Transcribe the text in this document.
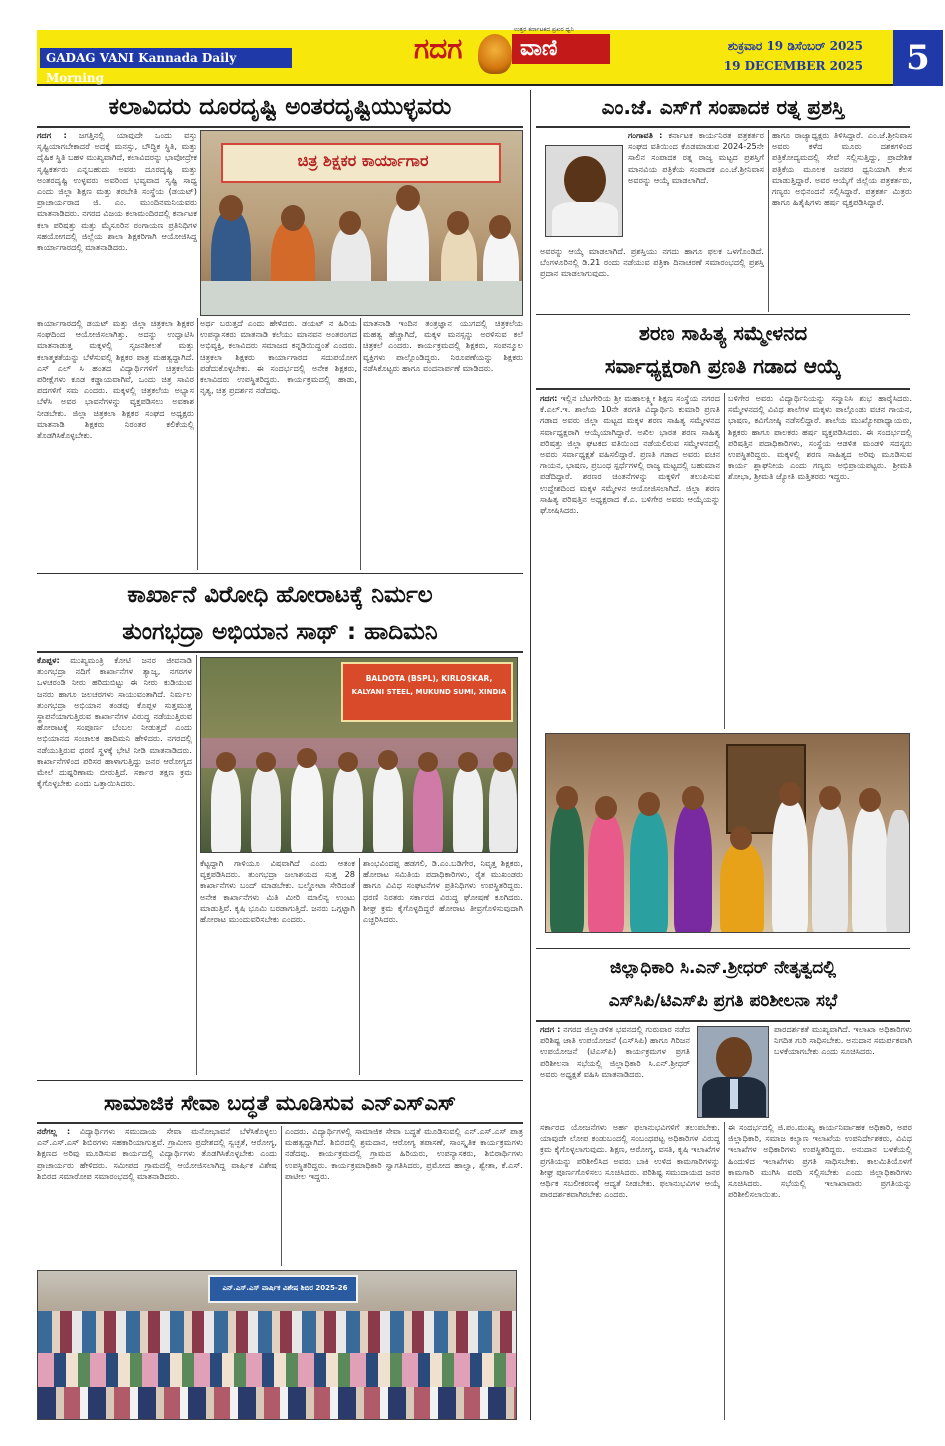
GADAG VANI Kannada Daily Morning
ಗದಗ
ಉತ್ತರ ಕರ್ನಾಟಕದ ಪ್ರಖರ ಧ್ವನಿ
ವಾಣಿ	ಶುಕ್ರವಾರ 19 ಡಿಸೆಂಬರ್ 2025
19 DECEMBER 2025	5
ಕಲಾವಿದರು ದೂರದೃಷ್ಟಿ ಅಂತರದೃಷ್ಟಿಯುಳ್ಳವರು
ಗದಗ : ಜಗತ್ತಿನಲ್ಲಿ ಯಾವುದೇ ಒಂದು ವಸ್ತು ಸೃಷ್ಟಿಯಾಗಬೇಕಾದರೆ ಅದಕ್ಕೆ ಮನಸ್ಸು, ಬೌದ್ಧಿಕ ಸ್ಥಿತಿ, ಮತ್ತು ದೈಹಿಕ ಸ್ಥಿತಿ ಬಹಳ ಮುಖ್ಯವಾಗಿದೆ, ಕಲಾವಿದರನ್ನು ಭಾವೋದ್ರೇಕ ಸೃಷ್ಟಿಕರ್ತರು ಎನ್ನಬಹುದು ಅವರು ದೂರದೃಷ್ಟಿ ಮತ್ತು ಅಂತರದೃಷ್ಟಿ ಉಳ್ಳವರು ಅವರಿಂದ ಭವ್ಯವಾದ ಸೃಷ್ಟಿ ಸಾಧ್ಯ ಎಂದು ಜಿಲ್ಲಾ ಶಿಕ್ಷಣ ಮತ್ತು ತರಬೇತಿ ಸಂಸ್ಥೆಯ (ಡಯಟ್) ಪ್ರಾಚಾರ್ಯರಾದ ಜಿ. ಎಂ. ಮುಂದಿನಮನಿಯವರು ಮಾತನಾಡಿದರು. ನಗರದ ವಿಜಯ ಕಲಾಮಂದಿರದಲ್ಲಿ ಕರ್ನಾಟಕ ಕಲಾ ಪರಿಷತ್ತು ಮತ್ತು ಮೈಸೂರಿನ ರಂಗಾಯಣ ಪ್ರತಿನಿಧಿಗಳ ಸಹಯೋಗದಲ್ಲಿ ಜಿಲ್ಲೆಯ ಶಾಲಾ ಶಿಕ್ಷಕರಿಗಾಗಿ ಆಯೋಜಿಸಿದ್ದ ಕಾರ್ಯಾಗಾರದಲ್ಲಿ ಮಾತನಾಡಿದರು.
ಚಿತ್ರ ಶಿಕ್ಷಕರ ಕಾರ್ಯಾಗಾರ
ಕಾರ್ಯಾಗಾರದಲ್ಲಿ ಡಯಟ್ ಮತ್ತು ಜಿಲ್ಲಾ ಚಿತ್ರಕಲಾ ಶಿಕ್ಷಕರ ಸಂಘದಿಂದ ಆಯೋಜಿಸಲಾಗಿತ್ತು. ಅದನ್ನು ಉದ್ಘಾಟಿಸಿ ಮಾತನಾಡುತ್ತ ಮಕ್ಕಳಲ್ಲಿ ಸೃಜನಶೀಲತೆ ಮತ್ತು ಕಲಾತ್ಮಕತೆಯನ್ನು ಬೆಳೆಸುವಲ್ಲಿ ಶಿಕ್ಷಕರ ಪಾತ್ರ ಮಹತ್ವದ್ದಾಗಿದೆ. ಎಸ್ ಎಲ್ ಸಿ ಹಂತದ ವಿದ್ಯಾರ್ಥಿಗಳಿಗೆ ಚಿತ್ರಕಲೆಯ ಪರೀಕ್ಷೆಗಳು ಕೂಡ ಕಡ್ಡಾಯವಾಗಿವೆ, ಒಂದು ಚಿತ್ರ ಸಾವಿರ ಪದಗಳಿಗೆ ಸಮ ಎಂದರು. ಮಕ್ಕಳಲ್ಲಿ ಚಿತ್ರಕಲೆಯ ಅಭ್ಯಾಸ ಬೆಳೆಸಿ ಅವರ ಭಾವನೆಗಳನ್ನು ವ್ಯಕ್ತಪಡಿಸಲು ಅವಕಾಶ ನೀಡಬೇಕು. ಜಿಲ್ಲಾ ಚಿತ್ರಕಲಾ ಶಿಕ್ಷಕರ ಸಂಘದ ಅಧ್ಯಕ್ಷರು ಮಾತನಾಡಿ ಶಿಕ್ಷಕರು ನಿರಂತರ ಕಲಿಕೆಯಲ್ಲಿ ತೊಡಗಿಸಿಕೊಳ್ಳಬೇಕು.
ಅರ್ಥ ಬರುತ್ತದೆ ಎಂದು ಹೇಳಿದರು. ಡಯಟ್ ನ ಹಿರಿಯ ಉಪನ್ಯಾಸಕರು ಮಾತನಾಡಿ ಕಲೆಯು ಮಾನವನ ಅಂತರಂಗದ ಅಭಿವ್ಯಕ್ತಿ, ಕಲಾವಿದರು ಸಮಾಜದ ಕನ್ನಡಿಯಿದ್ದಂತೆ ಎಂದರು. ಚಿತ್ರಕಲಾ ಶಿಕ್ಷಕರು ಕಾರ್ಯಾಗಾರದ ಸದುಪಯೋಗ ಪಡೆದುಕೊಳ್ಳಬೇಕು. ಈ ಸಂದರ್ಭದಲ್ಲಿ ಅನೇಕ ಶಿಕ್ಷಕರು, ಕಲಾವಿದರು ಉಪಸ್ಥಿತರಿದ್ದರು. ಕಾರ್ಯಕ್ರಮದಲ್ಲಿ ಹಾಡು, ನೃತ್ಯ, ಚಿತ್ರ ಪ್ರದರ್ಶನ ನಡೆದವು.
ಮಾತನಾಡಿ ಇಂದಿನ ತಂತ್ರಜ್ಞಾನ ಯುಗದಲ್ಲಿ ಚಿತ್ರಕಲೆಯ ಮಹತ್ವ ಹೆಚ್ಚಾಗಿದೆ, ಮಕ್ಕಳ ಮನಸ್ಸನ್ನು ಅರಳಿಸುವ ಕಲೆ ಚಿತ್ರಕಲೆ ಎಂದರು. ಕಾರ್ಯಕ್ರಮದಲ್ಲಿ ಶಿಕ್ಷಕರು, ಸಂಪನ್ಮೂಲ ವ್ಯಕ್ತಿಗಳು ಪಾಲ್ಗೊಂಡಿದ್ದರು. ನಿರೂಪಣೆಯನ್ನು ಶಿಕ್ಷಕರು ನಡೆಸಿಕೊಟ್ಟರು ಹಾಗೂ ವಂದನಾರ್ಪಣೆ ಮಾಡಿದರು.
ಎಂ.ಜೆ. ಎಸ್‌ಗೆ ಸಂಪಾದಕ ರತ್ನ ಪ್ರಶಸ್ತಿ
ಗಂಗಾವತಿ : ಕರ್ನಾಟಕ ಕಾರ್ಯನಿರತ ಪತ್ರಕರ್ತರ ಸಂಘದ ವತಿಯಿಂದ ಕೊಡಮಾಡುವ 2024-25ನೇ ಸಾಲಿನ ಸಂಪಾದಕ ರತ್ನ ರಾಜ್ಯ ಮಟ್ಟದ ಪ್ರಶಸ್ತಿಗೆ ಮಾನವಿಯ ಪತ್ರಿಕೆಯ ಸಂಪಾದಕ ಎಂ.ಜೆ.ಶ್ರೀನಿವಾಸ ಅವರನ್ನು ಆಯ್ಕೆ ಮಾಡಲಾಗಿದೆ.
ಅವರನ್ನು ಆಯ್ಕೆ ಮಾಡಲಾಗಿದೆ. ಪ್ರಶಸ್ತಿಯು ನಗದು ಹಾಗೂ ಫಲಕ ಒಳಗೊಂಡಿದೆ. ಬೆಂಗಳೂರಿನಲ್ಲಿ ಡಿ.21 ರಂದು ನಡೆಯುವ ಪತ್ರಿಕಾ ದಿನಾಚರಣೆ ಸಮಾರಂಭದಲ್ಲಿ ಪ್ರಶಸ್ತಿ ಪ್ರದಾನ ಮಾಡಲಾಗುವುದು.
ಹಾಗೂ ರಾಜ್ಯಾಧ್ಯಕ್ಷರು ತಿಳಿಸಿದ್ದಾರೆ. ಎಂ.ಜೆ.ಶ್ರೀನಿವಾಸ ಅವರು ಕಳೆದ ಮೂರು ದಶಕಗಳಿಂದ ಪತ್ರಿಕೋದ್ಯಮದಲ್ಲಿ ಸೇವೆ ಸಲ್ಲಿಸುತ್ತಿದ್ದು, ಪ್ರಾದೇಶಿಕ ಪತ್ರಿಕೆಯ ಮೂಲಕ ಜನಪರ ಧ್ವನಿಯಾಗಿ ಕೆಲಸ ಮಾಡುತ್ತಿದ್ದಾರೆ. ಅವರ ಆಯ್ಕೆಗೆ ಜಿಲ್ಲೆಯ ಪತ್ರಕರ್ತರು, ಗಣ್ಯರು ಅಭಿನಂದನೆ ಸಲ್ಲಿಸಿದ್ದಾರೆ. ಪತ್ರಕರ್ತ ಮಿತ್ರರು ಹಾಗೂ ಹಿತೈಷಿಗಳು ಹರ್ಷ ವ್ಯಕ್ತಪಡಿಸಿದ್ದಾರೆ.
ಶರಣ ಸಾಹಿತ್ಯ ಸಮ್ಮೇಳನದ
ಸರ್ವಾಧ್ಯಕ್ಷರಾಗಿ ಪ್ರಣತಿ ಗಡಾದ ಆಯ್ಕೆ
ಗದಗ: ಇಲ್ಲಿನ ಬೆಟಗೇರಿಯ ಶ್ರೀ ಮಹಾಲಕ್ಷ್ಮೀ ಶಿಕ್ಷಣ ಸಂಸ್ಥೆಯ ನಗರದ ಕೆ.ಎಲ್.ಇ. ಶಾಲೆಯ 10ನೇ ತರಗತಿ ವಿದ್ಯಾರ್ಥಿನಿ ಕುಮಾರಿ ಪ್ರಣತಿ ಗಡಾದ ಅವರು ಜಿಲ್ಲಾ ಮಟ್ಟದ ಮಕ್ಕಳ ಶರಣ ಸಾಹಿತ್ಯ ಸಮ್ಮೇಳನದ ಸರ್ವಾಧ್ಯಕ್ಷರಾಗಿ ಆಯ್ಕೆಯಾಗಿದ್ದಾರೆ. ಅಖಿಲ ಭಾರತ ಶರಣ ಸಾಹಿತ್ಯ ಪರಿಷತ್ತು ಜಿಲ್ಲಾ ಘಟಕದ ವತಿಯಿಂದ ನಡೆಯಲಿರುವ ಸಮ್ಮೇಳನದಲ್ಲಿ ಅವರು ಸರ್ವಾಧ್ಯಕ್ಷತೆ ವಹಿಸಲಿದ್ದಾರೆ. ಪ್ರಣತಿ ಗಡಾದ ಅವರು ವಚನ ಗಾಯನ, ಭಾಷಣ, ಪ್ರಬಂಧ ಸ್ಪರ್ಧೆಗಳಲ್ಲಿ ರಾಜ್ಯ ಮಟ್ಟದಲ್ಲಿ ಬಹುಮಾನ ಪಡೆದಿದ್ದಾರೆ. ಶರಣರ ಚಿಂತನೆಗಳನ್ನು ಮಕ್ಕಳಿಗೆ ತಲುಪಿಸುವ ಉದ್ದೇಶದಿಂದ ಮಕ್ಕಳ ಸಮ್ಮೇಳನ ಆಯೋಜಿಸಲಾಗಿದೆ. ಜಿಲ್ಲಾ ಶರಣ ಸಾಹಿತ್ಯ ಪರಿಷತ್ತಿನ ಅಧ್ಯಕ್ಷರಾದ ಕೆ.ಎ. ಬಳಿಗೇರ ಅವರು ಆಯ್ಕೆಯನ್ನು ಘೋಷಿಸಿದರು.
ಬಳಿಗೇರ ಅವರು ವಿದ್ಯಾರ್ಥಿನಿಯನ್ನು ಸನ್ಮಾನಿಸಿ ಶುಭ ಹಾರೈಸಿದರು. ಸಮ್ಮೇಳನದಲ್ಲಿ ವಿವಿಧ ಶಾಲೆಗಳ ಮಕ್ಕಳು ಪಾಲ್ಗೊಂಡು ವಚನ ಗಾಯನ, ಭಾಷಣ, ಕವಿಗೋಷ್ಠಿ ನಡೆಸಲಿದ್ದಾರೆ. ಶಾಲೆಯ ಮುಖ್ಯೋಪಾಧ್ಯಾಯರು, ಶಿಕ್ಷಕರು ಹಾಗೂ ಪಾಲಕರು ಹರ್ಷ ವ್ಯಕ್ತಪಡಿಸಿದರು. ಈ ಸಂದರ್ಭದಲ್ಲಿ ಪರಿಷತ್ತಿನ ಪದಾಧಿಕಾರಿಗಳು, ಸಂಸ್ಥೆಯ ಆಡಳಿತ ಮಂಡಳಿ ಸದಸ್ಯರು ಉಪಸ್ಥಿತರಿದ್ದರು. ಮಕ್ಕಳಲ್ಲಿ ಶರಣ ಸಾಹಿತ್ಯದ ಅರಿವು ಮೂಡಿಸುವ ಕಾರ್ಯ ಶ್ಲಾಘನೀಯ ಎಂದು ಗಣ್ಯರು ಅಭಿಪ್ರಾಯಪಟ್ಟರು. ಶ್ರೀಮತಿ ಶೋಭಾ, ಶ್ರೀಮತಿ ಜ್ಯೋತಿ ಮತ್ತಿತರರು ಇದ್ದರು.
ಕಾರ್ಖಾನೆ ವಿರೋಧಿ ಹೋರಾಟಕ್ಕೆ ನಿರ್ಮಲ
ತುಂಗಭದ್ರಾ ಅಭಿಯಾನ ಸಾಥ್ : ಹಾದಿಮನಿ
ಕೊಪ್ಪಳ: ಮುಖ್ಯಮಂತ್ರಿ ಕೋಟಿ ಜನರ ಜೀವನಾಡಿ ತುಂಗಭದ್ರಾ ನದಿಗೆ ಕಾರ್ಖಾನೆಗಳ ತ್ಯಾಜ್ಯ, ನಗರಗಳ ಒಳಚರಂಡಿ ನೀರು ಹರಿದುಬಿಟ್ಟು ಈ ನೀರು ಕುಡಿಯುವ ಜನರು ಹಾಗೂ ಜಲಚರಗಳು ಸಾಯುವಂತಾಗಿದೆ. ನಿರ್ಮಲ ತುಂಗಭದ್ರಾ ಅಭಿಯಾನ ತಂಡವು ಕೊಪ್ಪಳ ಸುತ್ತಮುತ್ತ ಸ್ಥಾಪನೆಯಾಗುತ್ತಿರುವ ಕಾರ್ಖಾನೆಗಳ ವಿರುದ್ಧ ನಡೆಯುತ್ತಿರುವ ಹೋರಾಟಕ್ಕೆ ಸಂಪೂರ್ಣ ಬೆಂಬಲ ನೀಡುತ್ತದೆ ಎಂದು ಅಭಿಯಾನದ ಸಂಚಾಲಕ ಹಾದಿಮನಿ ಹೇಳಿದರು. ನಗರದಲ್ಲಿ ನಡೆಯುತ್ತಿರುವ ಧರಣಿ ಸ್ಥಳಕ್ಕೆ ಭೇಟಿ ನೀಡಿ ಮಾತನಾಡಿದರು. ಕಾರ್ಖಾನೆಗಳಿಂದ ಪರಿಸರ ಹಾಳಾಗುತ್ತಿದ್ದು ಜನರ ಆರೋಗ್ಯದ ಮೇಲೆ ದುಷ್ಪರಿಣಾಮ ಬೀರುತ್ತಿದೆ. ಸರ್ಕಾರ ತಕ್ಷಣ ಕ್ರಮ ಕೈಗೊಳ್ಳಬೇಕು ಎಂದು ಒತ್ತಾಯಿಸಿದರು.
BALDOTA (BSPL), KIRLOSKAR,
KALYANI STEEL, MUKUND SUMI, XINDIA
ಕೆಟ್ಟದ್ದಾಗಿ ಗಾಳಿಯೂ ವಿಷವಾಗಿದೆ ಎಂದು ಆತಂಕ ವ್ಯಕ್ತಪಡಿಸಿದರು. ತುಂಗಭದ್ರಾ ಜಲಾಶಯದ ಸುತ್ತ 28 ಕಾರ್ಖಾನೆಗಳು ಬಂದ್ ಮಾಡಬೇಕು. ಬಲ್ಡೋಟಾ ಸೇರಿದಂತೆ ಅನೇಕ ಕಾರ್ಖಾನೆಗಳು ಮಿತಿ ಮೀರಿ ಮಾಲಿನ್ಯ ಉಂಟು ಮಾಡುತ್ತಿವೆ. ಕೃಷಿ ಭೂಮಿ ಬರಡಾಗುತ್ತಿದೆ. ಜನರು ಒಗ್ಗಟ್ಟಾಗಿ ಹೋರಾಟ ಮುಂದುವರಿಸಬೇಕು ಎಂದರು.
ಶಾಂಭವಿಂದಪ್ಪ ಹಡಗಲಿ, ಡಿ.ಎಂ.ಬಡಿಗೇರ, ನಿವೃತ್ತ ಶಿಕ್ಷಕರು, ಹೋರಾಟ ಸಮಿತಿಯ ಪದಾಧಿಕಾರಿಗಳು, ರೈತ ಮುಖಂಡರು ಹಾಗೂ ವಿವಿಧ ಸಂಘಟನೆಗಳ ಪ್ರತಿನಿಧಿಗಳು ಉಪಸ್ಥಿತರಿದ್ದರು. ಧರಣಿ ನಿರತರು ಸರ್ಕಾರದ ವಿರುದ್ಧ ಘೋಷಣೆ ಕೂಗಿದರು. ಶೀಘ್ರ ಕ್ರಮ ಕೈಗೊಳ್ಳದಿದ್ದರೆ ಹೋರಾಟ ತೀವ್ರಗೊಳಿಸುವುದಾಗಿ ಎಚ್ಚರಿಸಿದರು.
ಸಾಮಾಜಿಕ ಸೇವಾ ಬದ್ಧತೆ ಮೂಡಿಸುವ ಎನ್‌ಎಸ್‌ಎಸ್
ನರೆಗಲ್ಲ : ವಿದ್ಯಾರ್ಥಿಗಳು ಸಮುದಾಯ ಸೇವಾ ಮನೋಭಾವನೆ ಬೆಳೆಸಿಕೊಳ್ಳಲು ಎನ್.ಎಸ್.ಎಸ್ ಶಿಬಿರಗಳು ಸಹಕಾರಿಯಾಗುತ್ತವೆ. ಗ್ರಾಮೀಣ ಪ್ರದೇಶದಲ್ಲಿ ಸ್ವಚ್ಛತೆ, ಆರೋಗ್ಯ, ಶಿಕ್ಷಣದ ಅರಿವು ಮೂಡಿಸುವ ಕಾರ್ಯದಲ್ಲಿ ವಿದ್ಯಾರ್ಥಿಗಳು ತೊಡಗಿಸಿಕೊಳ್ಳಬೇಕು ಎಂದು ಪ್ರಾಚಾರ್ಯರು ಹೇಳಿದರು. ಸಮೀಪದ ಗ್ರಾಮದಲ್ಲಿ ಆಯೋಜಿಸಲಾಗಿದ್ದ ವಾರ್ಷಿಕ ವಿಶೇಷ ಶಿಬಿರದ ಸಮಾರೋಪ ಸಮಾರಂಭದಲ್ಲಿ ಮಾತನಾಡಿದರು.
ಎಂದರು. ವಿದ್ಯಾರ್ಥಿಗಳಲ್ಲಿ ಸಾಮಾಜಿಕ ಸೇವಾ ಬದ್ಧತೆ ಮೂಡಿಸುವಲ್ಲಿ ಎನ್.ಎಸ್.ಎಸ್ ಪಾತ್ರ ಮಹತ್ವದ್ದಾಗಿದೆ. ಶಿಬಿರದಲ್ಲಿ ಶ್ರಮದಾನ, ಆರೋಗ್ಯ ತಪಾಸಣೆ, ಸಾಂಸ್ಕೃತಿಕ ಕಾರ್ಯಕ್ರಮಗಳು ನಡೆದವು. ಕಾರ್ಯಕ್ರಮದಲ್ಲಿ ಗ್ರಾಮದ ಹಿರಿಯರು, ಉಪನ್ಯಾಸಕರು, ಶಿಬಿರಾರ್ಥಿಗಳು ಉಪಸ್ಥಿತರಿದ್ದರು. ಕಾರ್ಯಕ್ರಮಾಧಿಕಾರಿ ಸ್ವಾಗತಿಸಿದರು, ಪ್ರಮೋದ ಹಾಲ್ವಾ, ಶ್ವೇತಾ, ಕೆ.ಎಸ್. ಪಾಟೀಲ ಇದ್ದರು.
ಎನ್.ಎಸ್.ಎಸ್ ವಾರ್ಷಿಕ ವಿಶೇಷ ಶಿಬಿರ 2025-26
ಜಿಲ್ಲಾಧಿಕಾರಿ ಸಿ.ಎನ್.ಶ್ರೀಧರ್ ನೇತೃತ್ವದಲ್ಲಿ
ಎಸ್‌ಸಿಪಿ/ಟಿಎಸ್‌ಪಿ ಪ್ರಗತಿ ಪರಿಶೀಲನಾ ಸಭೆ
ಗದಗ : ನಗರದ ಜಿಲ್ಲಾಡಳಿತ ಭವನದಲ್ಲಿ ಗುರುವಾರ ನಡೆದ ಪರಿಶಿಷ್ಟ ಜಾತಿ ಉಪಯೋಜನೆ (ಎಸ್‌ಸಿಪಿ) ಹಾಗೂ ಗಿರಿಜನ ಉಪಯೋಜನೆ (ಟಿಎಸ್‌ಪಿ) ಕಾರ್ಯಕ್ರಮಗಳ ಪ್ರಗತಿ ಪರಿಶೀಲನಾ ಸಭೆಯಲ್ಲಿ ಜಿಲ್ಲಾಧಿಕಾರಿ ಸಿ.ಎನ್.ಶ್ರೀಧರ್ ಅವರು ಅಧ್ಯಕ್ಷತೆ ವಹಿಸಿ ಮಾತನಾಡಿದರು.
ಪಾರದರ್ಶಕತೆ ಮುಖ್ಯವಾಗಿದೆ. ಇಲಾಖಾ ಅಧಿಕಾರಿಗಳು ನಿಗದಿತ ಗುರಿ ಸಾಧಿಸಬೇಕು. ಅನುದಾನ ಸಮರ್ಪಕವಾಗಿ ಬಳಕೆಯಾಗಬೇಕು ಎಂದು ಸೂಚಿಸಿದರು.
ಸರ್ಕಾರದ ಯೋಜನೆಗಳು ಅರ್ಹ ಫಲಾನುಭವಿಗಳಿಗೆ ತಲುಪಬೇಕು. ಯಾವುದೇ ಲೋಪ ಕಂಡುಬಂದಲ್ಲಿ ಸಂಬಂಧಪಟ್ಟ ಅಧಿಕಾರಿಗಳ ವಿರುದ್ಧ ಕ್ರಮ ಕೈಗೊಳ್ಳಲಾಗುವುದು. ಶಿಕ್ಷಣ, ಆರೋಗ್ಯ, ವಸತಿ, ಕೃಷಿ ಇಲಾಖೆಗಳ ಪ್ರಗತಿಯನ್ನು ಪರಿಶೀಲಿಸಿದ ಅವರು ಬಾಕಿ ಉಳಿದ ಕಾಮಗಾರಿಗಳನ್ನು ಶೀಘ್ರ ಪೂರ್ಣಗೊಳಿಸಲು ಸೂಚಿಸಿದರು. ಪರಿಶಿಷ್ಟ ಸಮುದಾಯದ ಜನರ ಆರ್ಥಿಕ ಸಬಲೀಕರಣಕ್ಕೆ ಆದ್ಯತೆ ನೀಡಬೇಕು. ಫಲಾನುಭವಿಗಳ ಆಯ್ಕೆ ಪಾರದರ್ಶಕವಾಗಿರಬೇಕು ಎಂದರು.
ಈ ಸಂದರ್ಭದಲ್ಲಿ ಜಿ.ಪಂ.ಮುಖ್ಯ ಕಾರ್ಯನಿರ್ವಾಹಕ ಅಧಿಕಾರಿ, ಅಪರ ಜಿಲ್ಲಾಧಿಕಾರಿ, ಸಮಾಜ ಕಲ್ಯಾಣ ಇಲಾಖೆಯ ಉಪನಿರ್ದೇಶಕರು, ವಿವಿಧ ಇಲಾಖೆಗಳ ಅಧಿಕಾರಿಗಳು ಉಪಸ್ಥಿತರಿದ್ದರು. ಅನುದಾನ ಬಳಕೆಯಲ್ಲಿ ಹಿಂದುಳಿದ ಇಲಾಖೆಗಳು ಪ್ರಗತಿ ಸಾಧಿಸಬೇಕು. ಕಾಲಮಿತಿಯೊಳಗೆ ಕಾಮಗಾರಿ ಮುಗಿಸಿ ವರದಿ ಸಲ್ಲಿಸಬೇಕು ಎಂದು ಜಿಲ್ಲಾಧಿಕಾರಿಗಳು ಸೂಚಿಸಿದರು. ಸಭೆಯಲ್ಲಿ ಇಲಾಖಾವಾರು ಪ್ರಗತಿಯನ್ನು ಪರಿಶೀಲಿಸಲಾಯಿತು.
